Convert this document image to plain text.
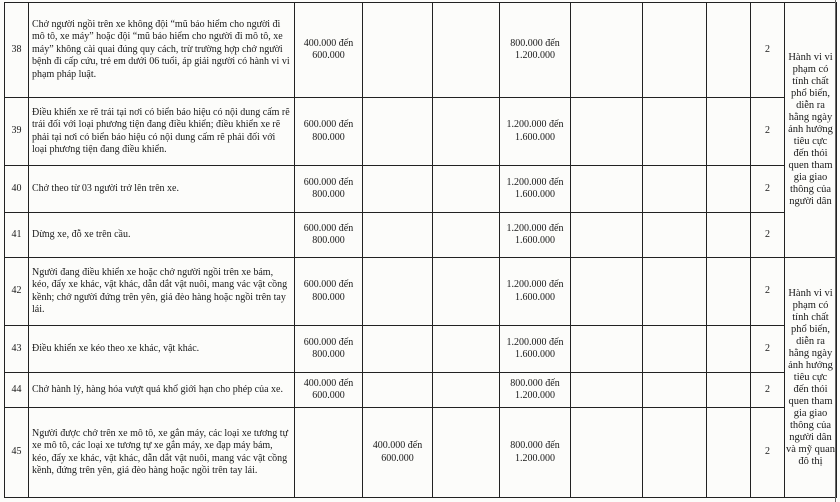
38	Chở người ngồi trên xe không đội “mũ bảo hiểm cho người đi mô tô, xe máy” hoặc đội “mũ bảo hiểm cho người đi mô tô, xe máy” không cài quai đúng quy cách, trừ trường hợp chở người bệnh đi cấp cứu, trẻ em dưới 06 tuổi, áp giải người có hành vi vi phạm pháp luật.	400.000 đến 600.000			800.000 đến 1.200.000				2	Hành vi vi phạm có tính chất phổ biến, diễn ra hằng ngày ảnh hưởng tiêu cực đến thói quen tham gia giao thông của người dân
39	Điều khiển xe rẽ trái tại nơi có biển báo hiệu có nội dung cấm rẽ trái đối với loại phương tiện đang điều khiển; điều khiển xe rẽ phải tại nơi có biển báo hiệu có nội dung cấm rẽ phải đối với loại phương tiện đang điều khiển.	600.000 đến 800.000			1.200.000 đến 1.600.000				2	
40	Chở theo từ 03 người trở lên trên xe.	600.000 đến 800.000			1.200.000 đến 1.600.000				2	
41	Dừng xe, đỗ xe trên cầu.	600.000 đến 800.000			1.200.000 đến 1.600.000				2	
42	Người đang điều khiển xe hoặc chở người ngồi trên xe bám, kéo, đẩy xe khác, vật khác, dẫn dắt vật nuôi, mang vác vật cồng kềnh; chở người đứng trên yên, giá đèo hàng hoặc ngồi trên tay lái.	600.000 đến 800.000			1.200.000 đến 1.600.000				2	Hành vi vi phạm có tính chất phổ biến, diễn ra hằng ngày ảnh hưởng tiêu cực đến thói quen tham gia giao thông của người dân và mỹ quan đô thị
43	Điều khiển xe kéo theo xe khác, vật khác.	600.000 đến 800.000			1.200.000 đến 1.600.000				2	
44	Chở hành lý, hàng hóa vượt quá khổ giới hạn cho phép của xe.	400.000 đến 600.000			800.000 đến 1.200.000				2	
45	Người được chở trên xe mô tô, xe gắn máy, các loại xe tương tự xe mô tô, các loại xe tương tự xe gắn máy, xe đạp máy bám, kéo, đẩy xe khác, vật khác, dẫn dắt vật nuôi, mang vác vật cồng kềnh, đứng trên yên, giá đèo hàng hoặc ngồi trên tay lái.		400.000 đến 600.000		800.000 đến 1.200.000				2	
